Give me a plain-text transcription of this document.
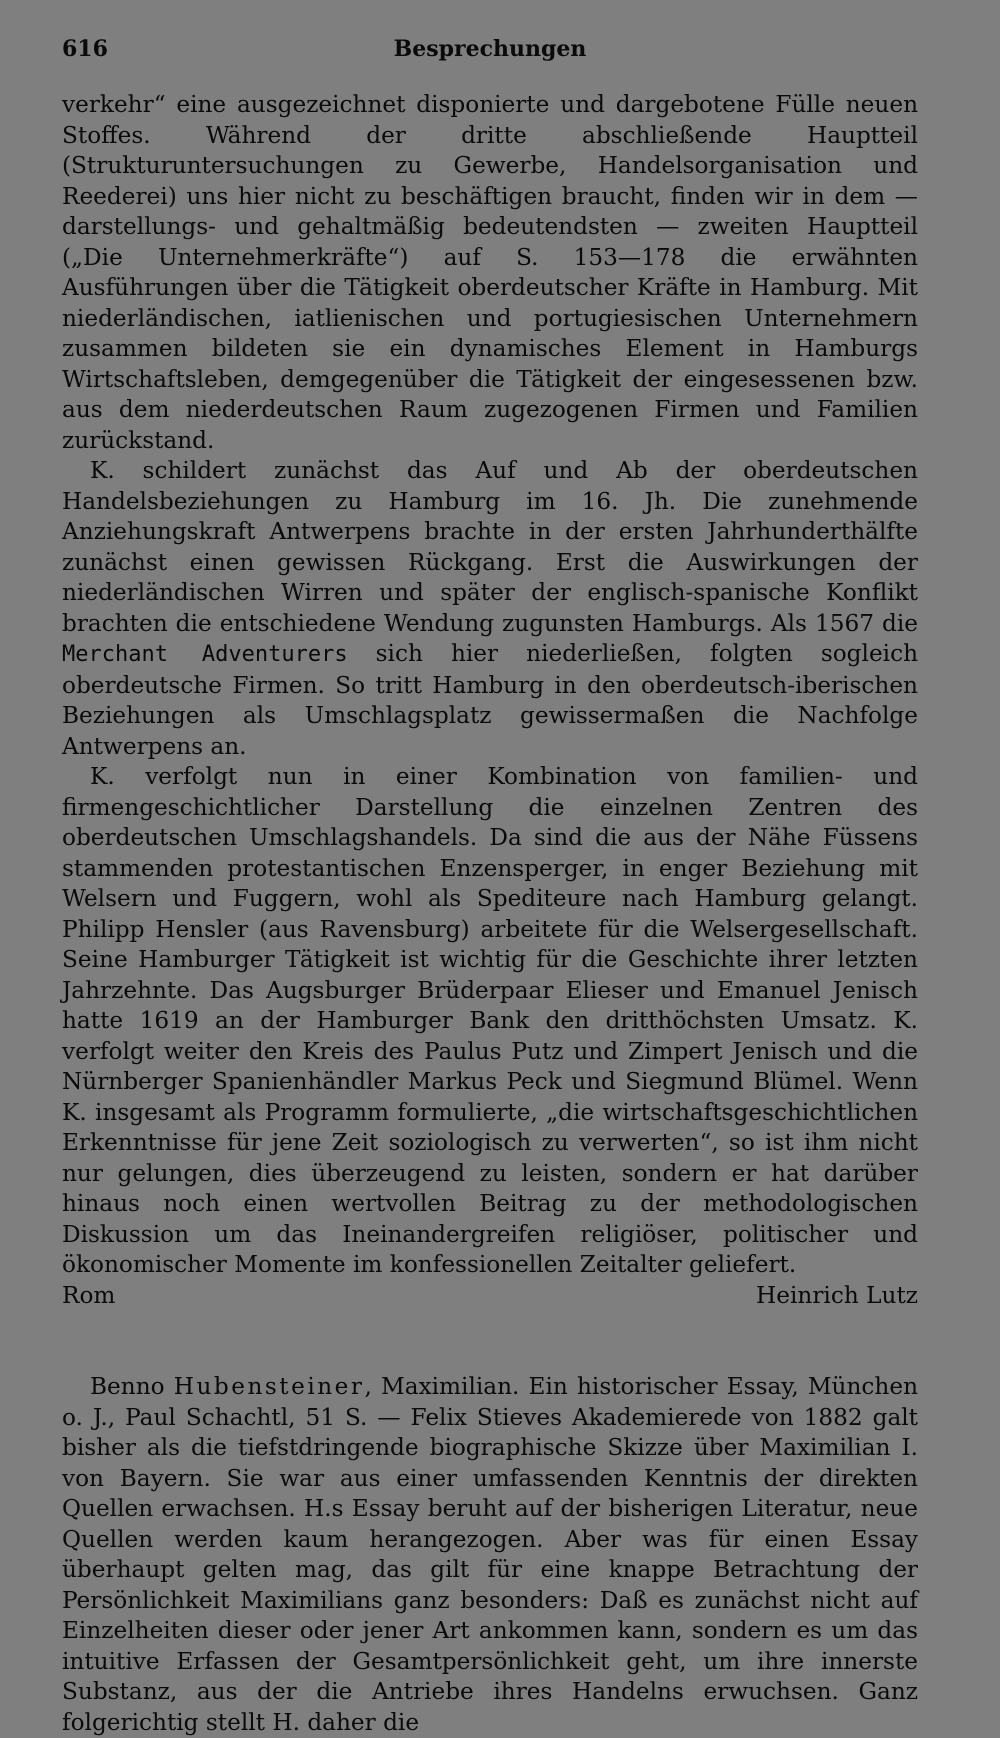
616	Besprechungen

verkehr“ eine ausgezeichnet disponierte und dargebotene Fülle neuen Stoffes. Während der dritte abschließende Hauptteil (Strukturuntersuchungen zu Gewerbe, Handelsorganisation und Reederei) uns hier nicht zu beschäftigen braucht, finden wir in dem — darstellungs- und gehaltmäßig bedeutendsten — zweiten Hauptteil („Die Unternehmerkräfte“) auf S. 153—178 die erwähnten Ausführungen über die Tätigkeit oberdeutscher Kräfte in Hamburg. Mit niederländischen, iatlienischen und portugiesischen Unternehmern zusammen bildeten sie ein dynamisches Element in Hamburgs Wirtschaftsleben, demgegenüber die Tätigkeit der eingesessenen bzw. aus dem niederdeutschen Raum zugezogenen Firmen und Familien zurückstand.

K. schildert zunächst das Auf und Ab der oberdeutschen Handelsbeziehungen zu Hamburg im 16. Jh. Die zunehmende Anziehungskraft Antwerpens brachte in der ersten Jahrhunderthälfte zunächst einen gewissen Rückgang. Erst die Auswirkungen der niederländischen Wirren und später der englisch-spanische Konflikt brachten die entschiedene Wendung zugunsten Hamburgs. Als 1567 die Merchant Adventurers sich hier niederließen, folgten sogleich oberdeutsche Firmen. So tritt Hamburg in den oberdeutsch-iberischen Beziehungen als Umschlagsplatz gewissermaßen die Nachfolge Antwerpens an.

K. verfolgt nun in einer Kombination von familien- und firmengeschichtlicher Darstellung die einzelnen Zentren des oberdeutschen Umschlagshandels. Da sind die aus der Nähe Füssens stammenden protestantischen Enzensperger, in enger Beziehung mit Welsern und Fuggern, wohl als Spediteure nach Hamburg gelangt. Philipp Hensler (aus Ravensburg) arbeitete für die Welsergesellschaft. Seine Hamburger Tätigkeit ist wichtig für die Geschichte ihrer letzten Jahrzehnte. Das Augsburger Brüderpaar Elieser und Emanuel Jenisch hatte 1619 an der Hamburger Bank den dritthöchsten Umsatz. K. verfolgt weiter den Kreis des Paulus Putz und Zimpert Jenisch und die Nürnberger Spanienhändler Markus Peck und Siegmund Blümel. Wenn K. insgesamt als Programm formulierte, „die wirtschaftsgeschichtlichen Erkenntnisse für jene Zeit soziologisch zu verwerten“, so ist ihm nicht nur gelungen, dies überzeugend zu leisten, sondern er hat darüber hinaus noch einen wertvollen Beitrag zu der methodologischen Diskussion um das Ineinandergreifen religiöser, politischer und ökonomischer Momente im konfessionellen Zeitalter geliefert.

Rom	Heinrich Lutz

Benno Hubensteiner, Maximilian. Ein historischer Essay, München o. J., Paul Schachtl, 51 S. — Felix Stieves Akademierede von 1882 galt bisher als die tiefstdringende biographische Skizze über Maximilian I. von Bayern. Sie war aus einer umfassenden Kenntnis der direkten Quellen erwachsen. H.s Essay beruht auf der bisherigen Literatur, neue Quellen werden kaum herangezogen. Aber was für einen Essay überhaupt gelten mag, das gilt für eine knappe Betrachtung der Persönlichkeit Maximilians ganz besonders: Daß es zunächst nicht auf Einzelheiten dieser oder jener Art ankommen kann, sondern es um das intuitive Erfassen der Gesamtpersönlichkeit geht, um ihre innerste Substanz, aus der die Antriebe ihres Handelns erwuchsen. Ganz folgerichtig stellt H. daher die
